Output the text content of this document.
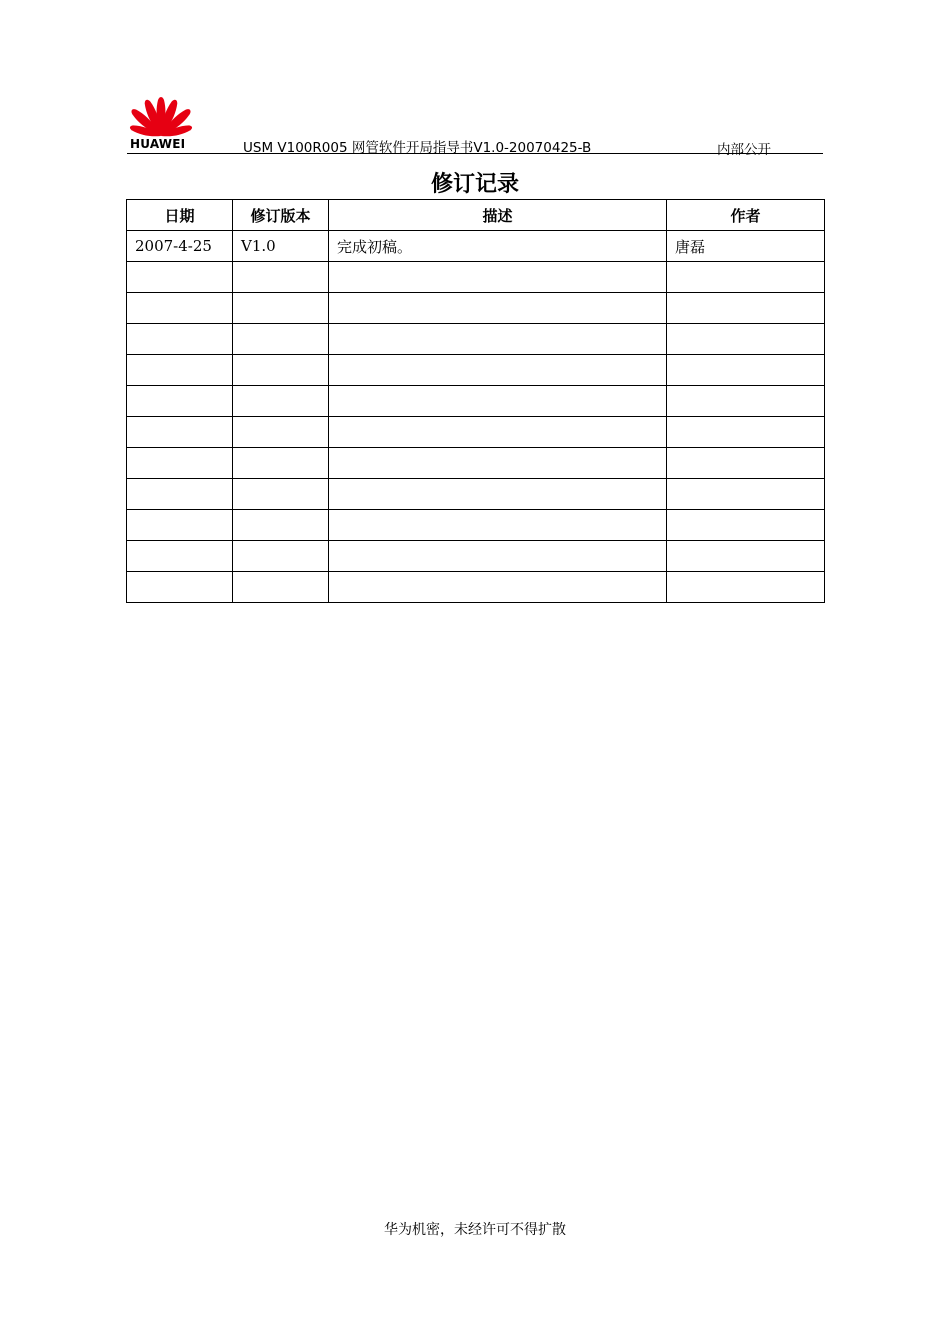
HUAWEI	USM V100R005 网管软件开局指导书V1.0-20070425-B	内部公开
修订记录
日期	修订版本	描述	作者
2007-4-25	V1.0	完成初稿。	唐磊

华为机密，未经许可不得扩散
